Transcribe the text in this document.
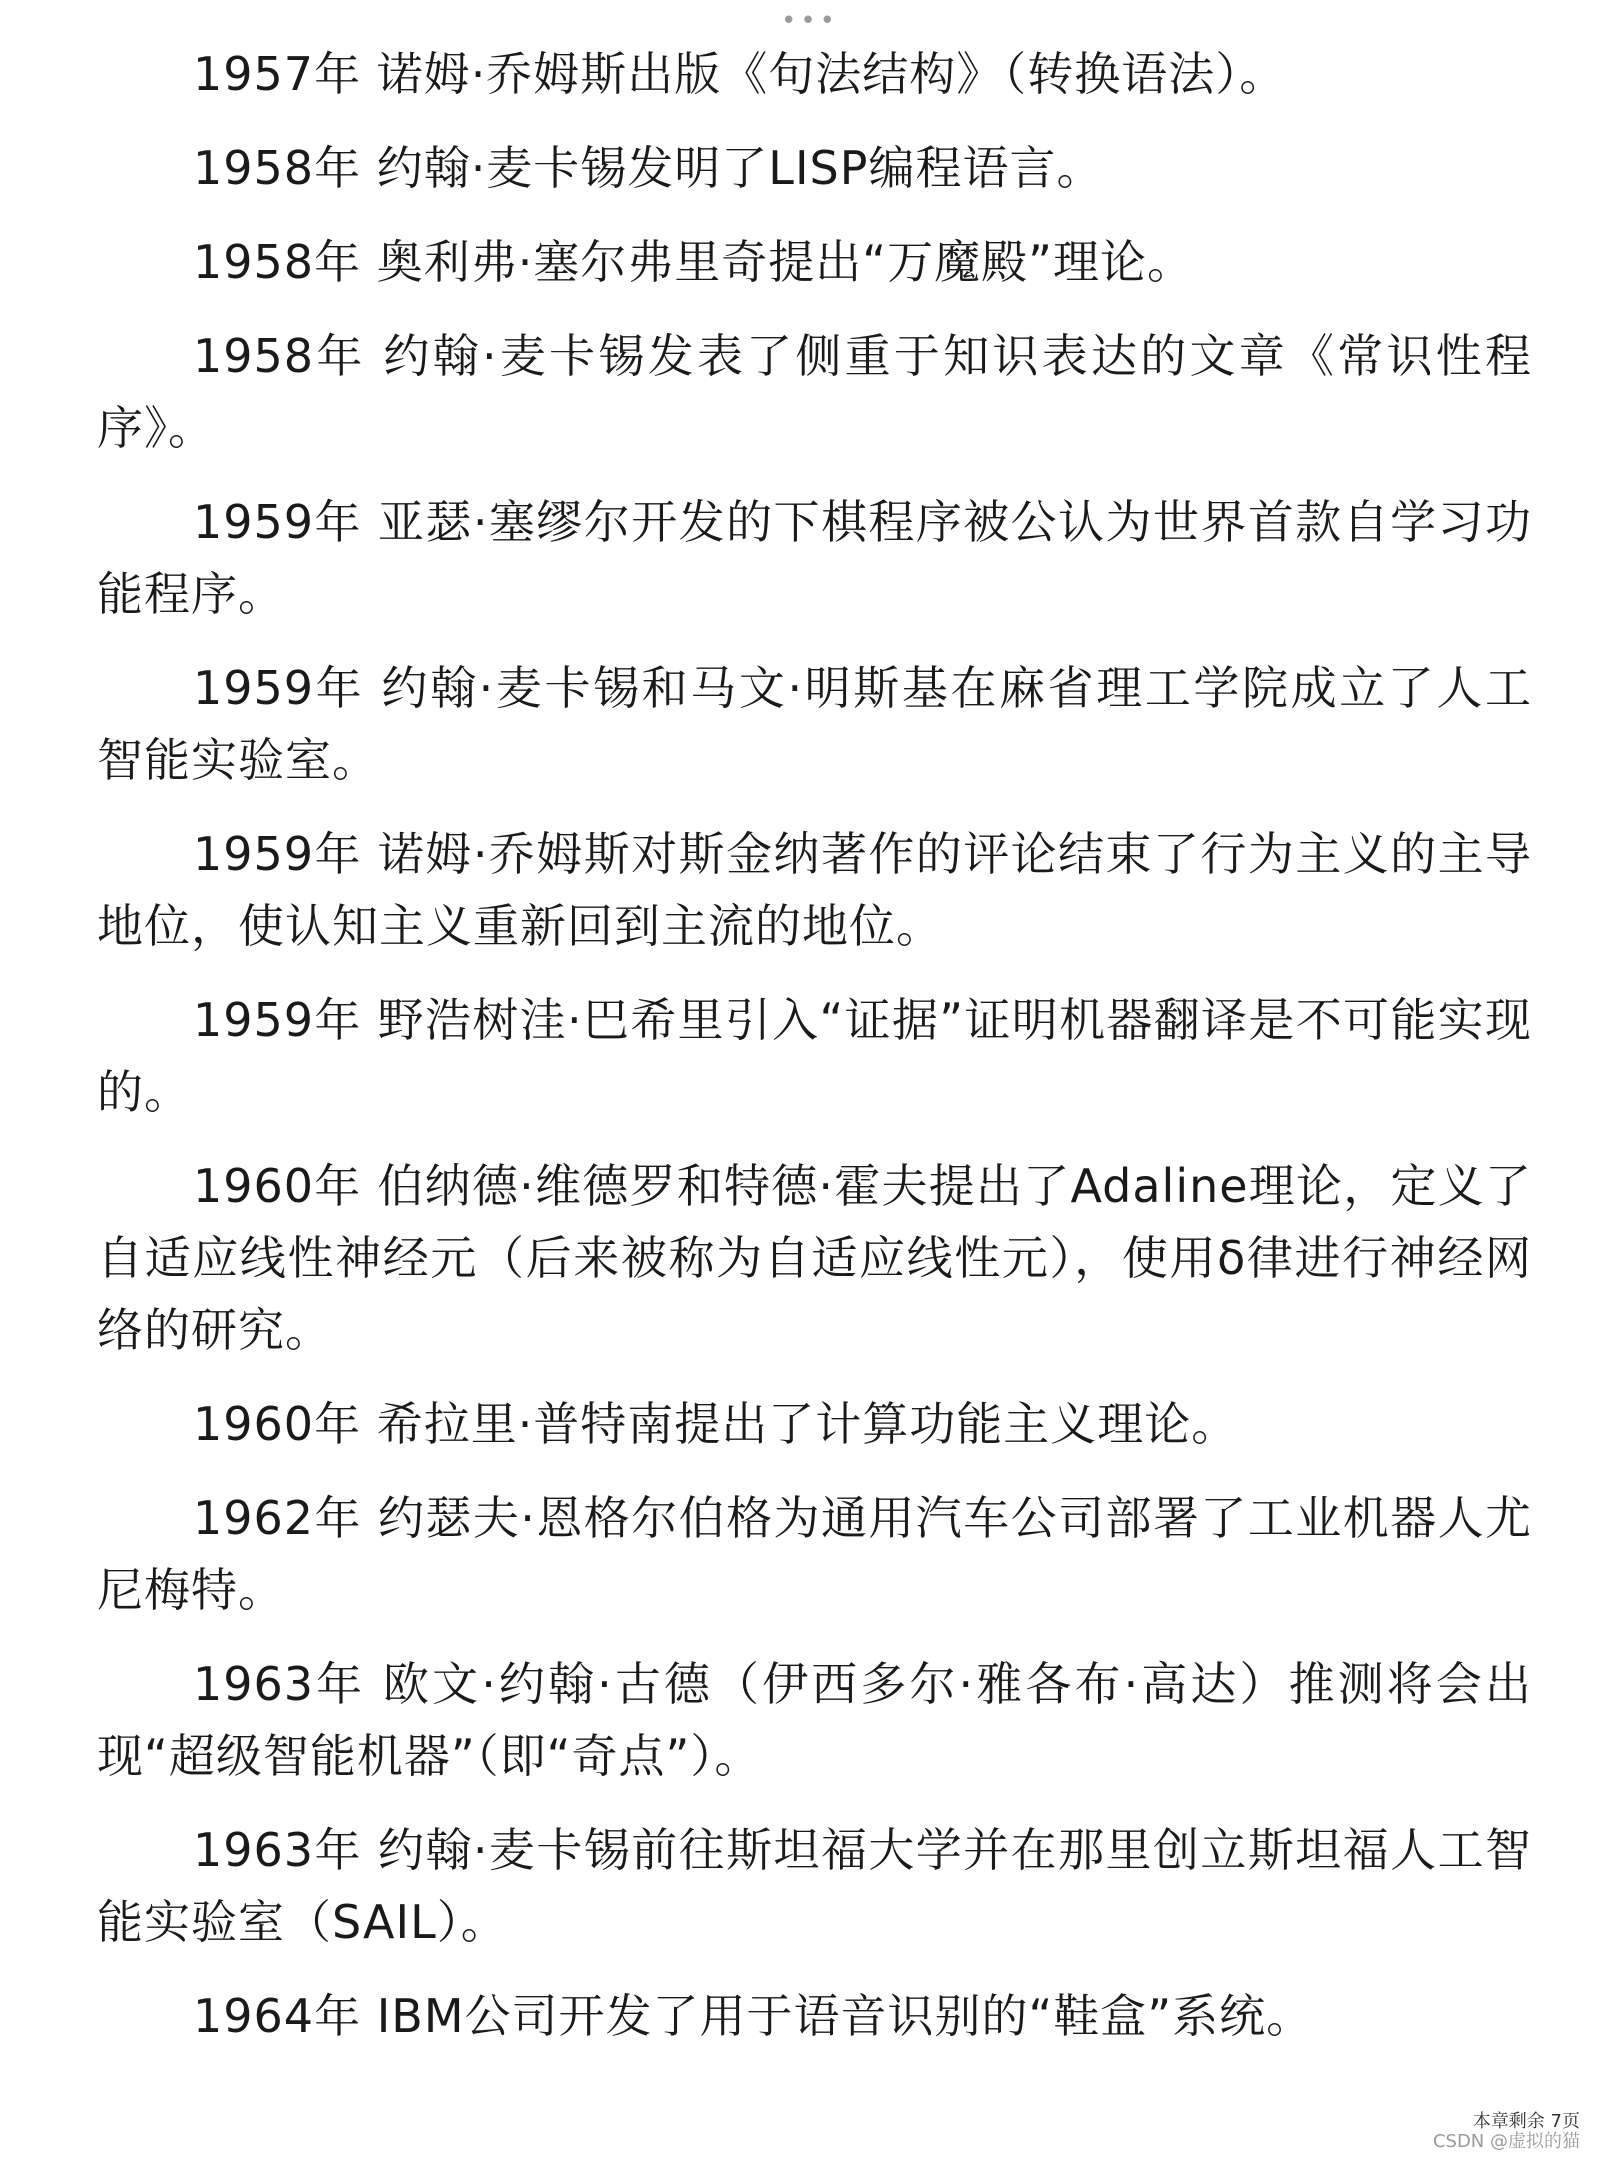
•••

1957年 诺姆·乔姆斯出版《句法结构》（转换语法）。

1958年 约翰·麦卡锡发明了LISP编程语言。

1958年 奥利弗·塞尔弗里奇提出“万魔殿”理论。

1958年 约翰·麦卡锡发表了侧重于知识表达的文章《常识性程序》。

1959年 亚瑟·塞缪尔开发的下棋程序被公认为世界首款自学习功能程序。

1959年 约翰·麦卡锡和马文·明斯基在麻省理工学院成立了人工智能实验室。

1959年 诺姆·乔姆斯对斯金纳著作的评论结束了行为主义的主导地位，使认知主义重新回到主流的地位。

1959年 野浩树洼·巴希里引入“证据”证明机器翻译是不可能实现的。

1960年 伯纳德·维德罗和特德·霍夫提出了Adaline理论，定义了自适应线性神经元（后来被称为自适应线性元），使用δ律进行神经网络的研究。

1960年 希拉里·普特南提出了计算功能主义理论。

1962年 约瑟夫·恩格尔伯格为通用汽车公司部署了工业机器人尤尼梅特。

1963年 欧文·约翰·古德（伊西多尔·雅各布·高达）推测将会出现“超级智能机器”（即“奇点”）。

1963年 约翰·麦卡锡前往斯坦福大学并在那里创立斯坦福人工智能实验室（SAIL）。

1964年 IBM公司开发了用于语音识别的“鞋盒”系统。

本章剩余 7页
CSDN @虚拟的猫
